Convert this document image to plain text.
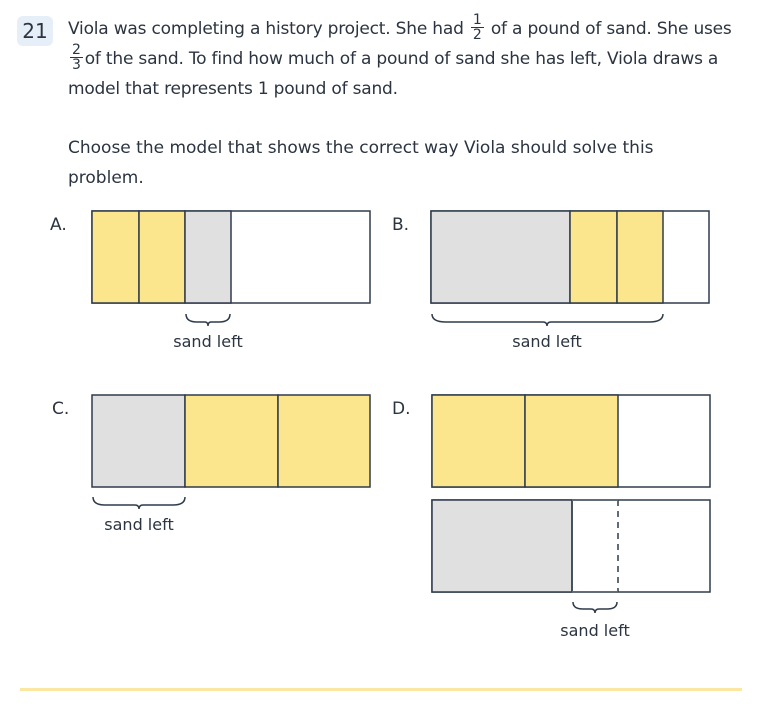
21	Viola was completing a history project. She had $\frac{1}{2}$ of a pound of sand. She uses
$\frac{2}{3}$ of the sand. To find how much of a pound of sand she has left, Viola draws a model that represents 1 pound of sand.
Choose the model that shows the correct way Viola should solve this problem.
A.	B.
C.	D.
sand left	sand left
sand left
sand left
